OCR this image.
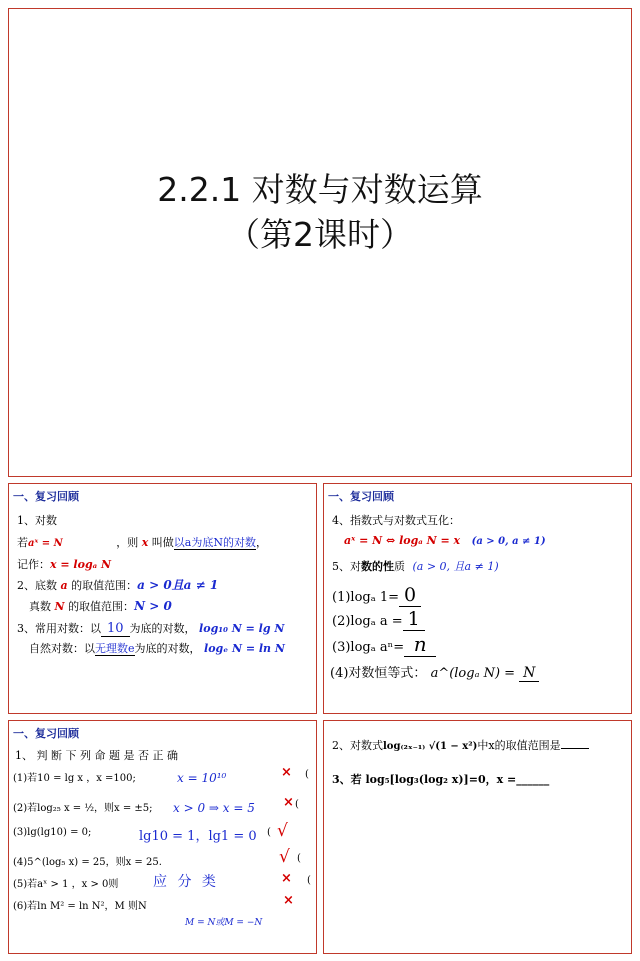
2.2.1 对数与对数运算
（第2课时）
一、复习回顾
1、对数
若aˣ = N	，则 x 叫做以a为底N的对数，
记作：x = logₐ N
2、底数 a 的取值范围：a > 0且a ≠ 1
真数 N 的取值范围：N > 0
3、常用对数：以 10 为底的对数， log₁₀ N = lg N
自然对数：以无理数e为底的对数， logₑ N = ln N
一、复习回顾
4、指数式与对数式互化：
aˣ = N ⇔ logₐ N = x (a > 0, a ≠ 1)
5、对数的性质 (a > 0, 且a ≠ 1)
(1)logₐ 1= 0
(2)logₐ a = 1
(3)logₐ aⁿ= n
(4)对数恒等式： a^(logₐ N) = N
一、复习回顾
1、 判 断 下 列 命 题 是 否 正 确
(1)若10 = lg x ，x =100;	x = 10¹⁰	× (
(2)若log₂₅ x = ½，则x = ±5; x > 0 ⇒ x = 5 × (
(3)lg(lg10) = 0;	lg10 = 1，lg1 = 0 ( √
(4)5^(log₅ x) = 25，则x = 25.	√ (
(5)若aˣ > 1 ，x > 0则 应 分 类	× (
(6)若ln M² = ln N²，M 则N	×
M = N或M = −N
2、对数式log₍₂ₓ₋₁₎ √(1 − x²)中x的取值范围是
3、若 log₅[log₃(log₂ x)]=0，x =______
